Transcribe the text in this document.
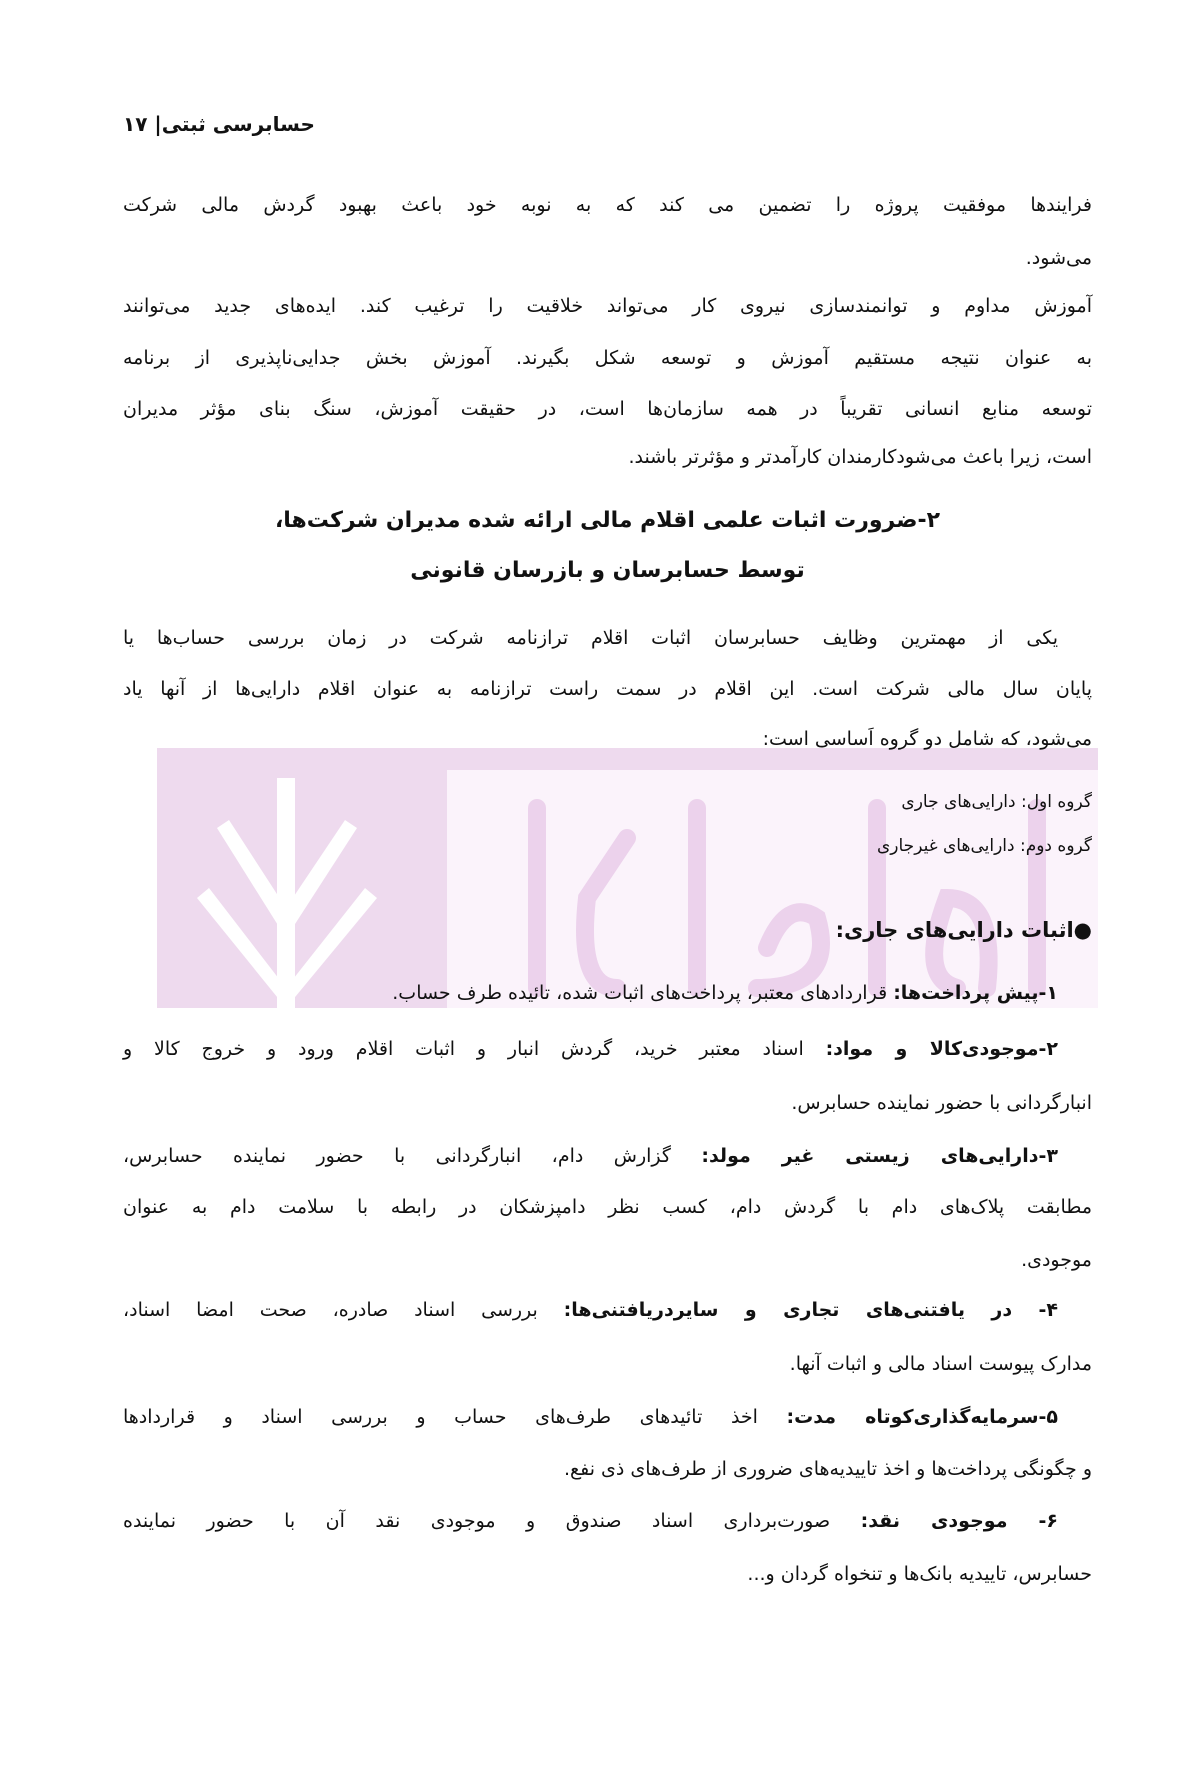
حسابرسی ثبتی| ۱۷
فرایندها موفقیت پروژه را تضمین می کند که به نوبه خود باعث بهبود گردش مالی شرکت
می‌شود.
آموزش مداوم و توانمندسازی نیروی کار می‌تواند خلاقیت را ترغیب کند. ایده‌های جدید می‌توانند
به عنوان نتیجه مستقیم آموزش و توسعه شکل بگیرند. آموزش بخش جدایی‌ناپذیری از برنامه
توسعه منابع انسانی تقریباً در همه سازمان‌ها است، در حقیقت آموزش، سنگ بنای مؤثر مدیران
است، زیرا باعث می‌شودکارمندان کارآمدتر و مؤثرتر باشند.
۲-ضرورت اثبات علمی اقلام مالی ارائه شده مدیران شرکت‌ها،
توسط حسابرسان و بازرسان قانونی
یکی از مهمترین وظایف حسابرسان اثبات اقلام ترازنامه شرکت در زمان بررسی حساب‌ها یا
پایان سال مالی شرکت است. این اقلام در سمت راست ترازنامه به عنوان اقلام دارایی‌ها از آنها یاد
می‌شود، که شامل دو گروه اَساسی است:
گروه اول: دارایی‌های جاری
گروه دوم: دارایی‌های غیرجاری
●اثبات دارایی‌های جاری:
۱-پیش پرداخت‌ها: قراردادهای معتبر، پرداخت‌های اثبات شده، تائیده طرف حساب.
۲-موجودی‌کالا و مواد: اسناد معتبر خرید، گردش انبار و اثبات اقلام ورود و خروج کالا و
انبارگردانی با حضور نماینده حسابرس.
۳-دارایی‌های زیستی غیر مولد: گزارش دام، انبارگردانی با حضور نماینده حسابرس،
مطابقت پلاک‌های دام با گردش دام، کسب نظر دامپزشکان در رابطه با سلامت دام به عنوان
موجودی.
۴- در یافتنی‌های تجاری و سایردریافتنی‌ها: بررسی اسناد صادره، صحت امضا اسناد،
مدارک پیوست اسناد مالی و اثبات آنها.
۵-سرمایه‌گذاری‌کوتاه مدت: اخذ تائیدهای طرف‌های حساب و بررسی اسناد و قراردادها
و چگونگی پرداخت‌ها و اخذ تاییدیه‌های ضروری از طرف‌های ذی نفع.
۶- موجودی نقد: صورت‌برداری اسناد صندوق و موجودی نقد آن با حضور نماینده
حسابرس، تاییدیه بانک‌ها و تنخواه گردان و...
